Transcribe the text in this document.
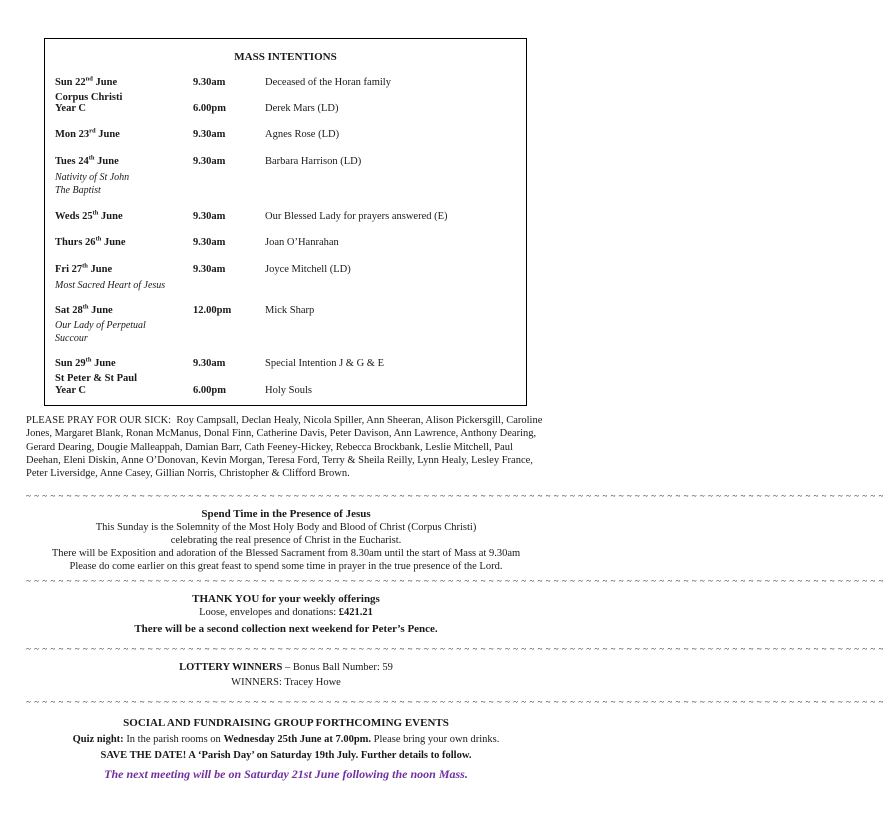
MASS INTENTIONS
Sun 22nd June	9.30am	Deceased of the Horan family
Corpus Christi
Year C	6.00pm	Derek Mars (LD)
Mon 23rd June	9.30am	Agnes Rose (LD)
Tues 24th June	9.30am	Barbara Harrison (LD)
Nativity of St John
The Baptist
Weds 25th June	9.30am	Our Blessed Lady for prayers answered (E)
Thurs 26th June	9.30am	Joan O’Hanrahan
Fri 27th June	9.30am	Joyce Mitchell (LD)
Most Sacred Heart of Jesus
Sat 28th June	12.00pm	Mick Sharp
Our Lady of Perpetual
Succour
Sun 29th June	9.30am	Special Intention J & G & E
St Peter & St Paul
Year C	6.00pm	Holy Souls
PLEASE PRAY FOR OUR SICK: Roy Campsall, Declan Healy, Nicola Spiller, Ann Sheeran, Alison Pickersgill, Caroline Jones, Margaret Blank, Ronan McManus, Donal Finn, Catherine Davis, Peter Davison, Ann Lawrence, Anthony Dearing, Gerard Dearing, Dougie Malleappah, Damian Barr, Cath Feeney-Hickey, Rebecca Brockbank, Leslie Mitchell, Paul Deehan, Eleni Diskin, Anne O’Donovan, Kevin Morgan, Teresa Ford, Terry & Sheila Reilly, Lynn Healy, Lesley France, Peter Liversidge, Anne Casey, Gillian Norris, Christopher & Clifford Brown.
~ ~ ~ ~ ~ ~ ~ ~ ~ ~ ~ ~ ~ ~ ~ ~ ~ ~ ~ ~ ~ ~ ~ ~ ~ ~ ~ ~ ~ ~ ~ ~ ~ ~ ~ ~ ~ ~ ~ ~ ~ ~ ~ ~ ~ ~ ~ ~ ~ ~ ~ ~ ~ ~ ~ ~ ~ ~ ~ ~ ~ ~ ~ ~ ~ ~ ~ ~ ~ ~ ~ ~ ~ ~ ~ ~ ~ ~ ~ ~ ~ ~ ~ ~ ~ ~ ~ ~ ~ ~ ~ ~ ~ ~ ~ ~ ~ ~ ~ ~ ~ ~ ~ ~ ~ ~
Spend Time in the Presence of Jesus
This Sunday is the Solemnity of the Most Holy Body and Blood of Christ (Corpus Christi)
celebrating the real presence of Christ in the Eucharist.
There will be Exposition and adoration of the Blessed Sacrament from 8.30am until the start of Mass at 9.30am
Please do come earlier on this great feast to spend some time in prayer in the true presence of the Lord.
~ ~ ~ ~ ~ ~ ~ ~ ~ ~ ~ ~ ~ ~ ~ ~ ~ ~ ~ ~ ~ ~ ~ ~ ~ ~ ~ ~ ~ ~ ~ ~ ~ ~ ~ ~ ~ ~ ~ ~ ~ ~ ~ ~ ~ ~ ~ ~ ~ ~ ~ ~ ~ ~ ~ ~ ~ ~ ~ ~ ~ ~ ~ ~ ~ ~ ~ ~ ~ ~ ~ ~ ~ ~ ~ ~ ~ ~ ~ ~ ~ ~ ~ ~ ~ ~ ~ ~ ~ ~ ~ ~ ~ ~ ~ ~ ~ ~ ~ ~ ~ ~ ~ ~ ~ ~
THANK YOU for your weekly offerings
Loose, envelopes and donations: £421.21
There will be a second collection next weekend for Peter’s Pence.
~ ~ ~ ~ ~ ~ ~ ~ ~ ~ ~ ~ ~ ~ ~ ~ ~ ~ ~ ~ ~ ~ ~ ~ ~ ~ ~ ~ ~ ~ ~ ~ ~ ~ ~ ~ ~ ~ ~ ~ ~ ~ ~ ~ ~ ~ ~ ~ ~ ~ ~ ~ ~ ~ ~ ~ ~ ~ ~ ~ ~ ~ ~ ~ ~ ~ ~ ~ ~ ~ ~ ~ ~ ~ ~ ~ ~ ~ ~ ~ ~ ~ ~ ~ ~ ~ ~ ~ ~ ~ ~ ~ ~ ~ ~ ~ ~ ~ ~ ~ ~ ~ ~ ~ ~ ~
LOTTERY WINNERS – Bonus Ball Number: 59
WINNERS: Tracey Howe
~ ~ ~ ~ ~ ~ ~ ~ ~ ~ ~ ~ ~ ~ ~ ~ ~ ~ ~ ~ ~ ~ ~ ~ ~ ~ ~ ~ ~ ~ ~ ~ ~ ~ ~ ~ ~ ~ ~ ~ ~ ~ ~ ~ ~ ~ ~ ~ ~ ~ ~ ~ ~ ~ ~ ~ ~ ~ ~ ~ ~ ~ ~ ~ ~ ~ ~ ~ ~ ~ ~ ~ ~ ~ ~ ~ ~ ~ ~ ~ ~ ~ ~ ~ ~ ~ ~ ~ ~ ~ ~ ~ ~ ~ ~ ~ ~ ~ ~ ~ ~ ~ ~ ~ ~ ~
SOCIAL AND FUNDRAISING GROUP FORTHCOMING EVENTS
Quiz night: In the parish rooms on Wednesday 25th June at 7.00pm. Please bring your own drinks.
SAVE THE DATE! A ‘Parish Day’ on Saturday 19th July. Further details to follow.
The next meeting will be on Saturday 21st June following the noon Mass.
